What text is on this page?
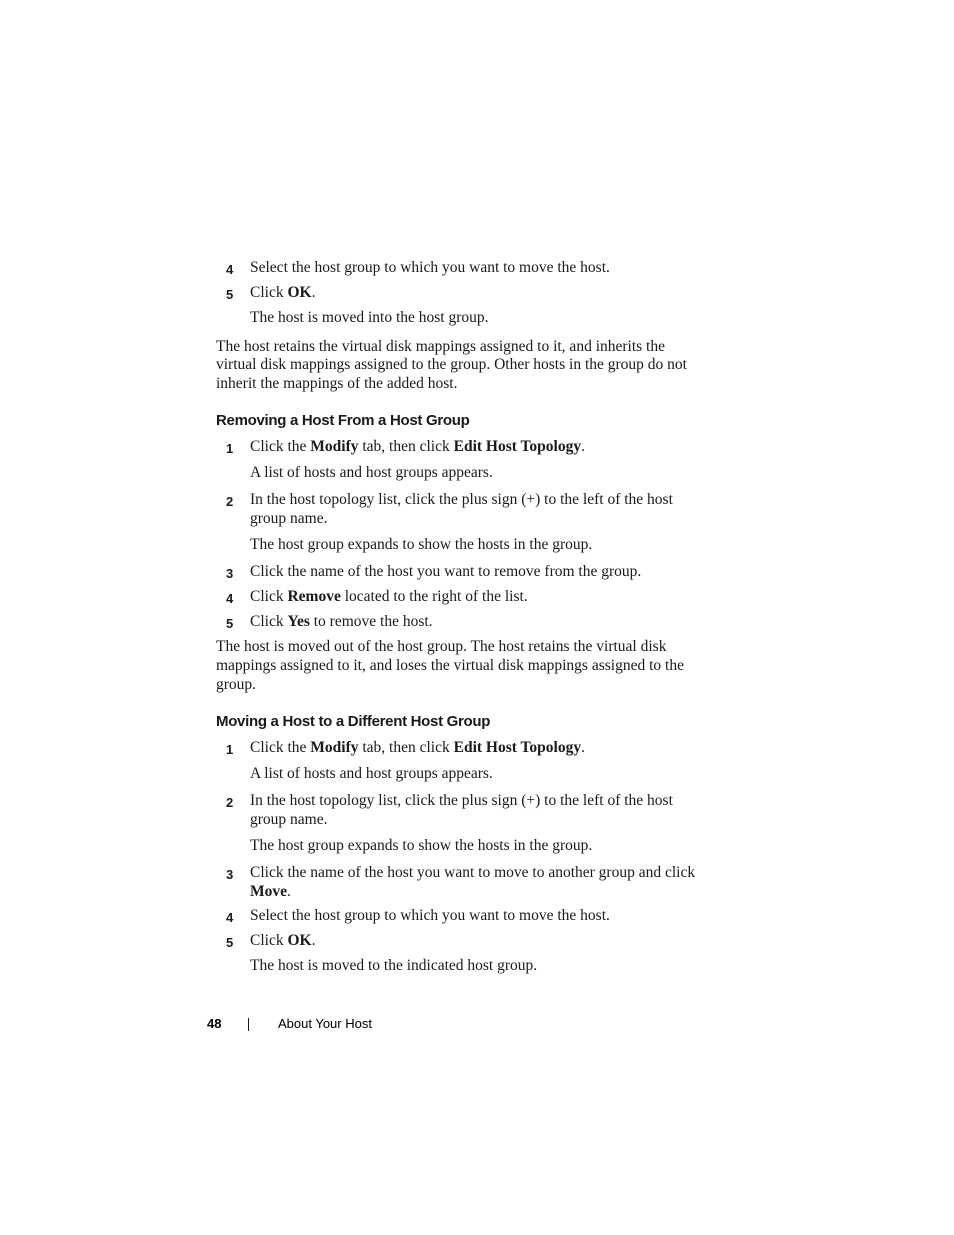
4 Select the host group to which you want to move the host.
5 Click OK.
The host is moved into the host group.
The host retains the virtual disk mappings assigned to it, and inherits the
virtual disk mappings assigned to the group. Other hosts in the group do not
inherit the mappings of the added host.
Removing a Host From a Host Group
1 Click the Modify tab, then click Edit Host Topology.
A list of hosts and host groups appears.
2 In the host topology list, click the plus sign (+) to the left of the host
group name.
The host group expands to show the hosts in the group.
3 Click the name of the host you want to remove from the group.
4 Click Remove located to the right of the list.
5 Click Yes to remove the host.
The host is moved out of the host group. The host retains the virtual disk
mappings assigned to it, and loses the virtual disk mappings assigned to the
group.
Moving a Host to a Different Host Group
1 Click the Modify tab, then click Edit Host Topology.
A list of hosts and host groups appears.
2 In the host topology list, click the plus sign (+) to the left of the host
group name.
The host group expands to show the hosts in the group.
3 Click the name of the host you want to move to another group and click
Move.
4 Select the host group to which you want to move the host.
5 Click OK.
The host is moved to the indicated host group.
48	About Your Host
